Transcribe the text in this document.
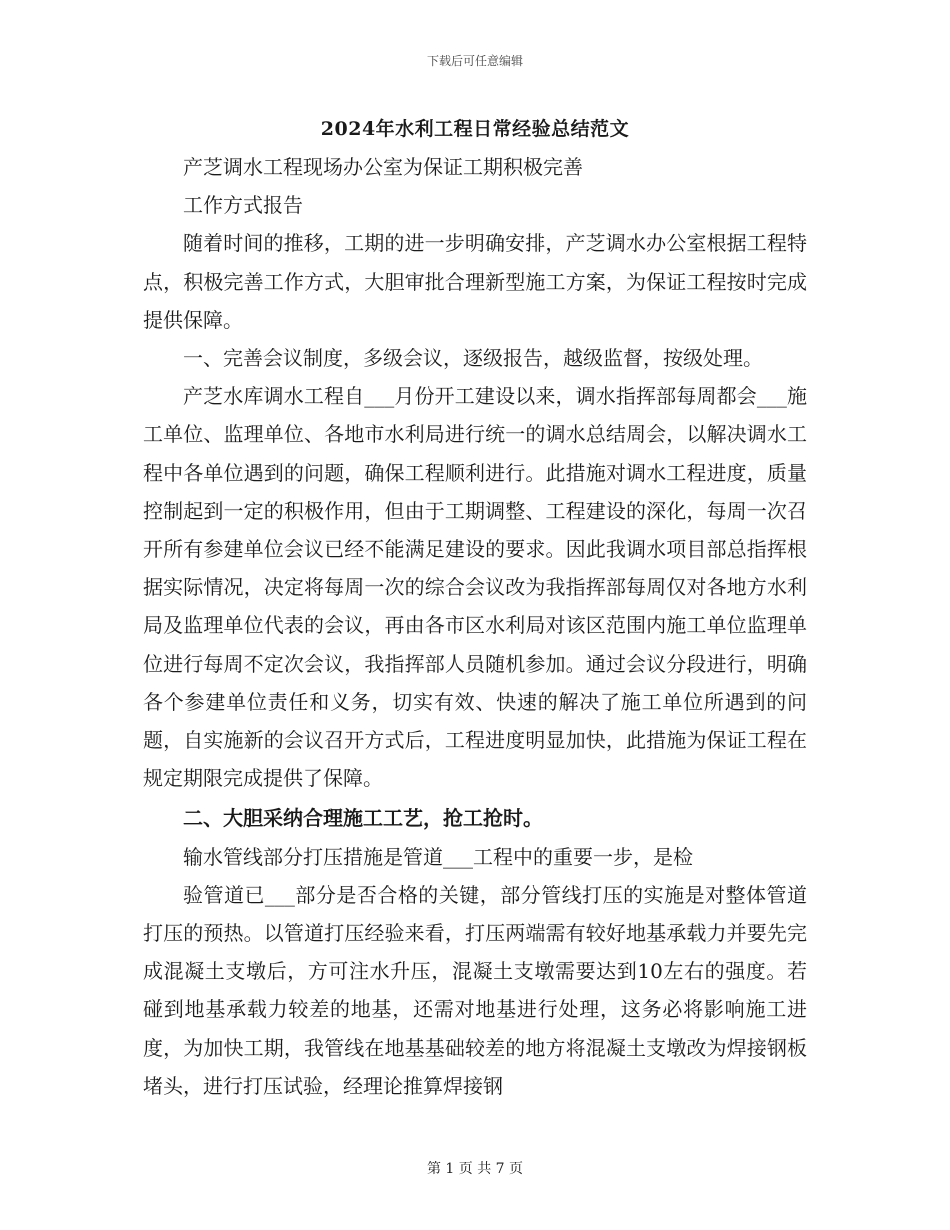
下载后可任意编辑
2024年水利工程日常经验总结范文

产芝调水工程现场办公室为保证工期积极完善

工作方式报告

随着时间的推移，工期的进一步明确安排，产芝调水办公室根据工程特点，积极完善工作方式，大胆审批合理新型施工方案，为保证工程按时完成提供保障。

一、完善会议制度，多级会议，逐级报告，越级监督，按级处理。

产芝水库调水工程自___月份开工建设以来，调水指挥部每周都会___施工单位、监理单位、各地市水利局进行统一的调水总结周会，以解决调水工程中各单位遇到的问题，确保工程顺利进行。此措施对调水工程进度，质量控制起到一定的积极作用，但由于工期调整、工程建设的深化，每周一次召开所有参建单位会议已经不能满足建设的要求。因此我调水项目部总指挥根据实际情况，决定将每周一次的综合会议改为我指挥部每周仅对各地方水利局及监理单位代表的会议，再由各市区水利局对该区范围内施工单位监理单位进行每周不定次会议，我指挥部人员随机参加。通过会议分段进行，明确各个参建单位责任和义务，切实有效、快速的解决了施工单位所遇到的问题，自实施新的会议召开方式后，工程进度明显加快，此措施为保证工程在规定期限完成提供了保障。

二、大胆采纳合理施工工艺，抢工抢时。

输水管线部分打压措施是管道___工程中的重要一步，是检

验管道已___部分是否合格的关键，部分管线打压的实施是对整体管道打压的预热。以管道打压经验来看，打压两端需有较好地基承载力并要先完成混凝土支墩后，方可注水升压，混凝土支墩需要达到10左右的强度。若碰到地基承载力较差的地基，还需对地基进行处理，这务必将影响施工进度，为加快工期，我管线在地基基础较差的地方将混凝土支墩改为焊接钢板堵头，进行打压试验，经理论推算焊接钢

第 1 页 共 7 页
